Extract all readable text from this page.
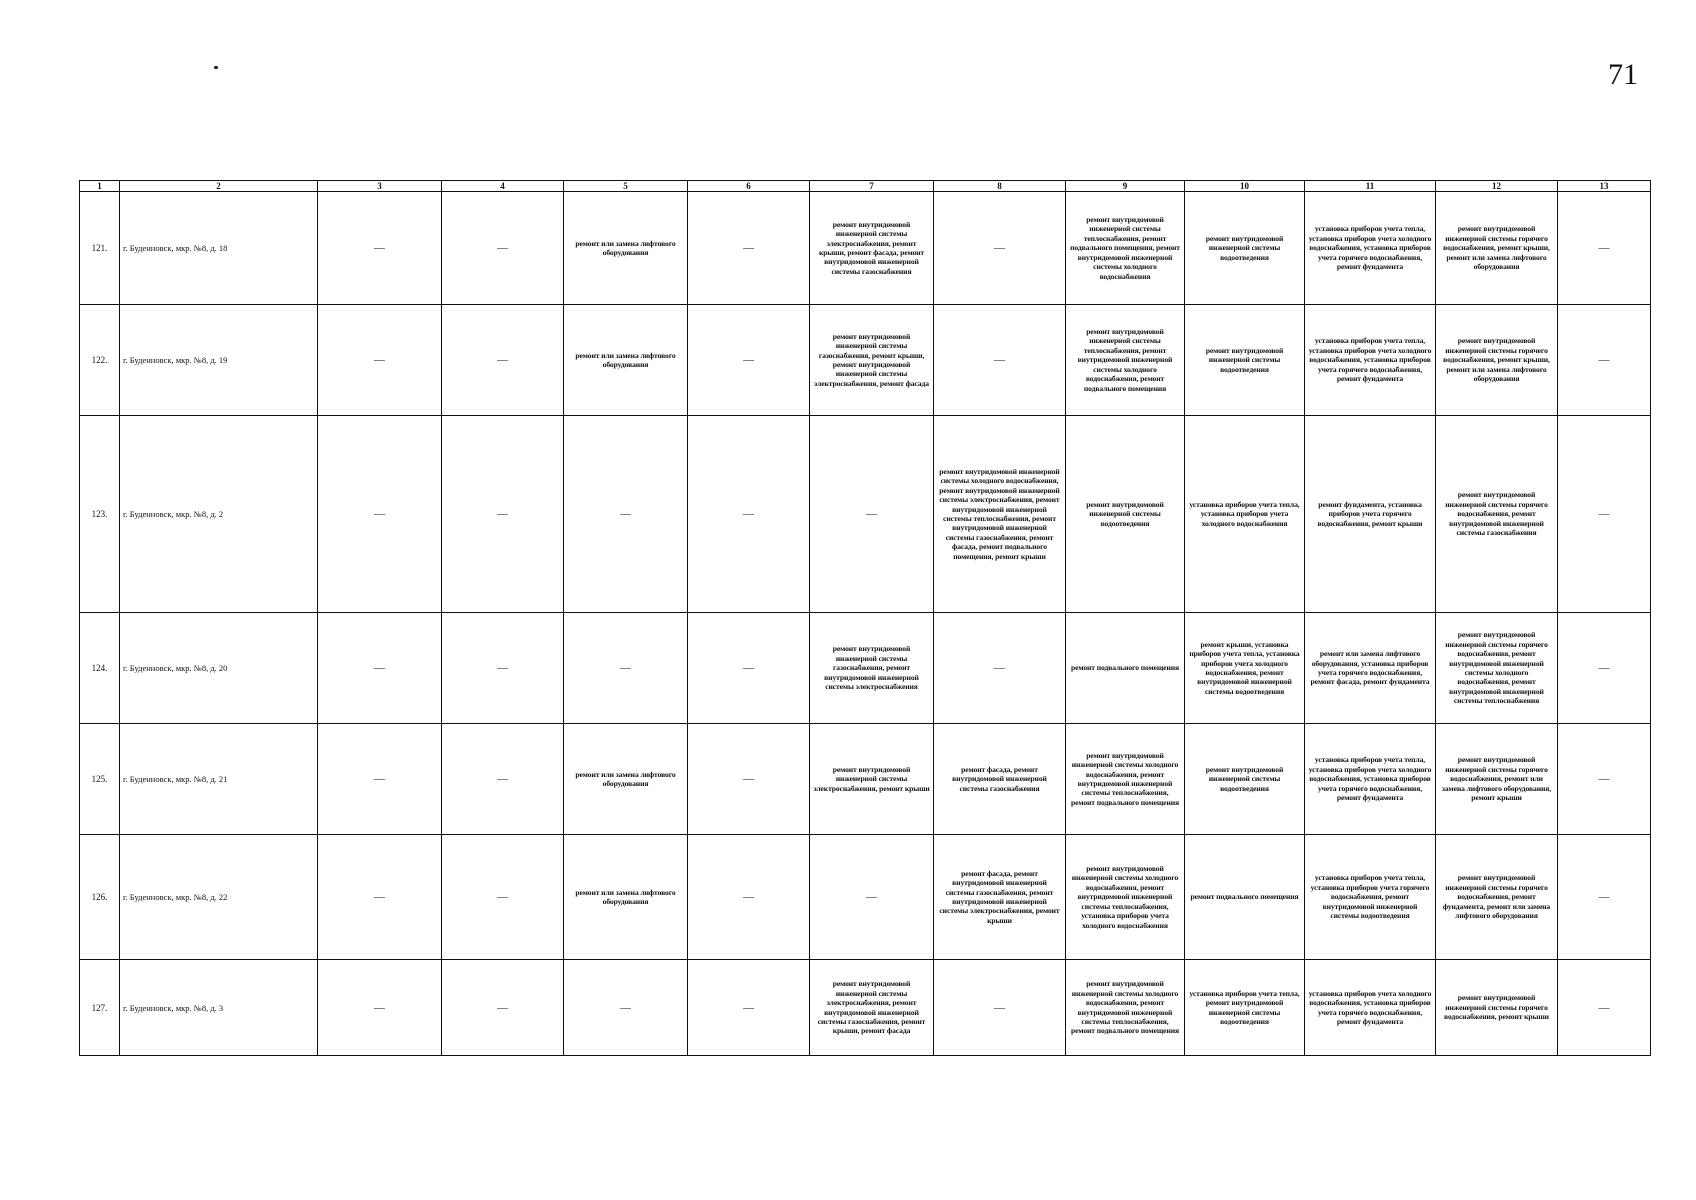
71
1	2	3	4	5	6	7	8	9	10	11	12	13
121.	г. Буденновск, мкр. №8, д. 18	—	—	ремонт или замена лифтового оборудования	—	ремонт внутридомовой инженерной системы электроснабжения, ремонт крыши, ремонт фасада, ремонт внутридомовой инженерной системы газоснабжения	—	ремонт внутридомовой инженерной системы теплоснабжения, ремонт подвального помещения, ремонт внутридомовой инженерной системы холодного водоснабжения	ремонт внутридомовой инженерной системы водоотведения	установка приборов учета тепла, установка приборов учета холодного водоснабжения, установка приборов учета горячего водоснабжения, ремонт фундамента	ремонт внутридомовой инженерной системы горячего водоснабжения, ремонт крыши, ремонт или замена лифтового оборудования	—
122.	г. Буденновск, мкр. №8, д. 19	—	—	ремонт или замена лифтового оборудования	—	ремонт внутридомовой инженерной системы газоснабжения, ремонт крыши, ремонт внутридомовой инженерной системы электроснабжения, ремонт фасада	—	ремонт внутридомовой инженерной системы теплоснабжения, ремонт внутридомовой инженерной системы холодного водоснабжения, ремонт подвального помещения	ремонт внутридомовой инженерной системы водоотведения	установка приборов учета тепла, установка приборов учета холодного водоснабжения, установка приборов учета горячего водоснабжения, ремонт фундамента	ремонт внутридомовой инженерной системы горячего водоснабжения, ремонт крыши, ремонт или замена лифтового оборудования	—
123.	г. Буденновск, мкр. №8, д. 2	—	—	—	—	—	ремонт внутридомовой инженерной системы холодного водоснабжения, ремонт внутридомовой инженерной системы электроснабжения, ремонт внутридомовой инженерной системы теплоснабжения, ремонт внутридомовой инженерной системы газоснабжения, ремонт фасада, ремонт подвального помещения, ремонт крыши	ремонт внутридомовой инженерной системы водоотведения	установка приборов учета тепла, установка приборов учета холодного водоснабжения	ремонт фундамента, установка приборов учета горячего водоснабжения, ремонт крыши	ремонт внутридомовой инженерной системы горячего водоснабжения, ремонт внутридомовой инженерной системы газоснабжения	—
124.	г. Буденновск, мкр. №8, д. 20	—	—	—	—	ремонт внутридомовой инженерной системы газоснабжения, ремонт внутридомовой инженерной системы электроснабжения	—	ремонт подвального помещения	ремонт крыши, установка приборов учета тепла, установка приборов учета холодного водоснабжения, ремонт внутридомовой инженерной системы водоотведения	ремонт или замена лифтового оборудования, установка приборов учета горячего водоснабжения, ремонт фасада, ремонт фундамента	ремонт внутридомовой инженерной системы горячего водоснабжения, ремонт внутридомовой инженерной системы холодного водоснабжения, ремонт внутридомовой инженерной системы теплоснабжения	—
125.	г. Буденновск, мкр. №8, д. 21	—	—	ремонт или замена лифтового оборудования	—	ремонт внутридомовой инженерной системы электроснабжения, ремонт крыши	ремонт фасада, ремонт внутридомовой инженерной системы газоснабжения	ремонт внутридомовой инженерной системы холодного водоснабжения, ремонт внутридомовой инженерной системы теплоснабжения, ремонт подвального помещения	ремонт внутридомовой инженерной системы водоотведения	установка приборов учета тепла, установка приборов учета холодного водоснабжения, установка приборов учета горячего водоснабжения, ремонт фундамента	ремонт внутридомовой инженерной системы горячего водоснабжения, ремонт или замена лифтового оборудования, ремонт крыши	—
126.	г. Буденновск, мкр. №8, д. 22	—	—	ремонт или замена лифтового оборудования	—	—	ремонт фасада, ремонт внутридомовой инженерной системы газоснабжения, ремонт внутридомовой инженерной системы электроснабжения, ремонт крыши	ремонт внутридомовой инженерной системы холодного водоснабжения, ремонт внутридомовой инженерной системы теплоснабжения, установка приборов учета холодного водоснабжения	ремонт подвального помещения	установка приборов учета тепла, установка приборов учета горячего водоснабжения, ремонт внутридомовой инженерной системы водоотведения	ремонт внутридомовой инженерной системы горячего водоснабжения, ремонт фундамента, ремонт или замена лифтового оборудования	—
127.	г. Буденновск, мкр. №8, д. 3	—	—	—	—	ремонт внутридомовой инженерной системы электроснабжения, ремонт внутридомовой инженерной системы газоснабжения, ремонт крыши, ремонт фасада	—	ремонт внутридомовой инженерной системы холодного водоснабжения, ремонт внутридомовой инженерной системы теплоснабжения, ремонт подвального помещения	установка приборов учета тепла, ремонт внутридомовой инженерной системы водоотведения	установка приборов учета холодного водоснабжения, установка приборов учета горячего водоснабжения, ремонт фундамента	ремонт внутридомовой инженерной системы горячего водоснабжения, ремонт крыши	—
